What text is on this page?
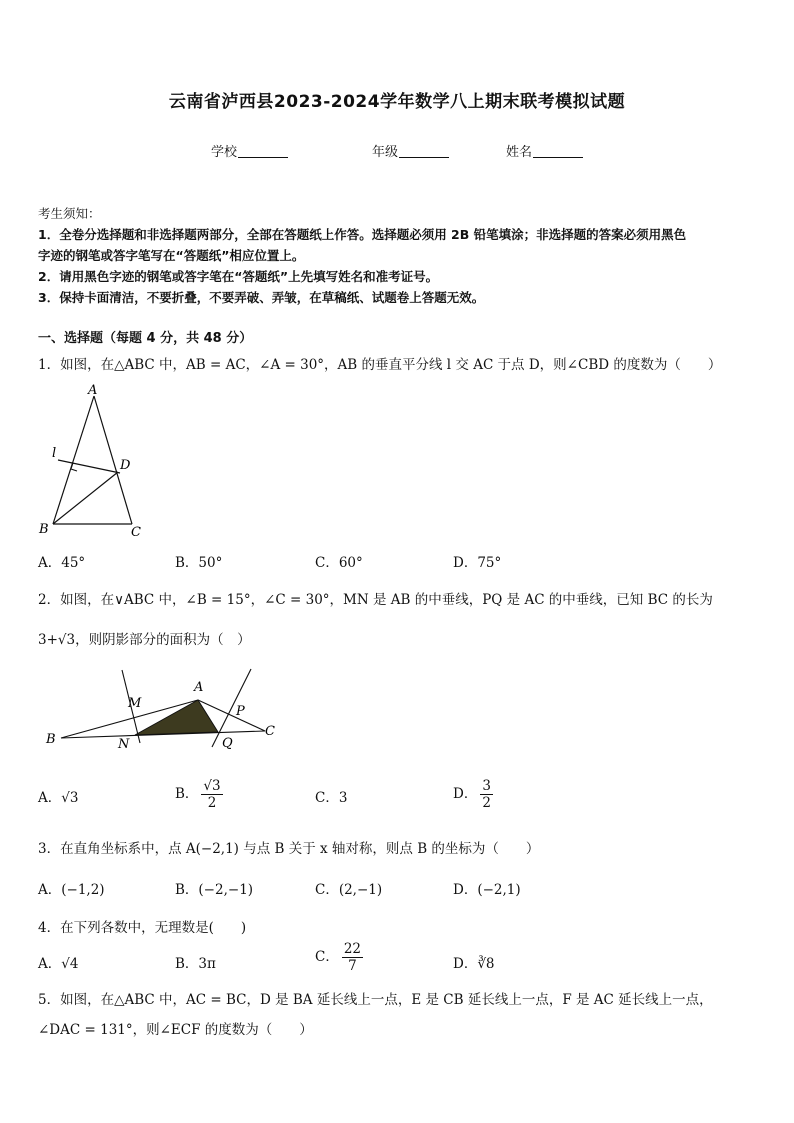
云南省泸西县2023-2024学年数学八上期末联考模拟试题
学校	年级	姓名
考生须知：
1．全卷分选择题和非选择题两部分，全部在答题纸上作答。选择题必须用 2B 铅笔填涂；非选择题的答案必须用黑色
字迹的钢笔或答字笔写在“答题纸”相应位置上。
2．请用黑色字迹的钢笔或答字笔在“答题纸”上先填写姓名和准考证号。
3．保持卡面清洁，不要折叠，不要弄破、弄皱，在草稿纸、试题卷上答题无效。
一、选择题（每题 4 分，共 48 分）
1．如图，在△ABC 中，AB = AC，∠A = 30°，AB 的垂直平分线 l 交 AC 于点 D，则∠CBD 的度数为（　　）
A
l
D
B	C
A．45°	B．50°	C．60°	D．75°
2．如图，在∨ABC 中，∠B = 15°，∠C = 30°，MN 是 AB 的中垂线，PQ 是 AC 的中垂线，已知 BC 的长为
3+√3，则阴影部分的面积为（　）
A
M
P
B	N	Q
C
A．√3	B． $\frac{√3}{2}$	C．3	D． $\frac{3}{2}$
3．在直角坐标系中，点 A(−2,1) 与点 B 关于 x 轴对称，则点 B 的坐标为（　　）
A．(−1,2)	B．(−2,−1)	C．(2,−1)	D．(−2,1)
4．在下列各数中，无理数是(　　)
A．√4	B．3π	C． $\frac{22}{7}$	D．∛8
5．如图，在△ABC 中，AC = BC，D 是 BA 延长线上一点，E 是 CB 延长线上一点，F 是 AC 延长线上一点，
∠DAC = 131°，则∠ECF 的度数为（　　）
